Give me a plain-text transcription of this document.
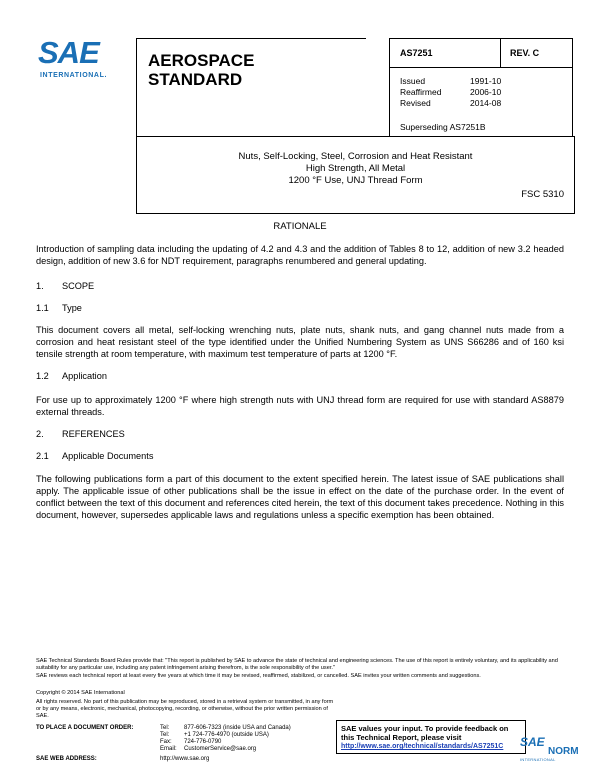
SAE
INTERNATIONAL.
AEROSPACE
STANDARD
AS7251	REV. C
Issued	1991-10
Reaffirmed	2006-10
Revised	2014-08
Superseding AS7251B
Nuts, Self-Locking, Steel, Corrosion and Heat Resistant
High Strength, All Metal
1200 °F Use, UNJ Thread Form
FSC 5310
RATIONALE
Introduction of sampling data including the updating of 4.2 and 4.3 and the addition of Tables 8 to 12, addition of new 3.2 headed design, addition of new 3.6 for NDT requirement, paragraphs renumbered and general updating.
1. SCOPE
1.1 Type
This document covers all metal, self-locking wrenching nuts, plate nuts, shank nuts, and gang channel nuts made from a corrosion and heat resistant steel of the type identified under the Unified Numbering System as UNS S66286 and of 160 ksi tensile strength at room temperature, with maximum test temperature of parts at 1200 °F.
1.2 Application
For use up to approximately 1200 °F where high strength nuts with UNJ thread form are required for use with standard AS8879 external threads.
2. REFERENCES
2.1 Applicable Documents
The following publications form a part of this document to the extent specified herein. The latest issue of SAE publications shall apply. The applicable issue of other publications shall be the issue in effect on the date of the purchase order. In the event of conflict between the text of this document and references cited herein, the text of this document takes precedence. Nothing in this document, however, supersedes applicable laws and regulations unless a specific exemption has been obtained.
SAE Technical Standards Board Rules provide that: "This report is published by SAE to advance the state of technical and engineering sciences. The use of this report is entirely voluntary, and its applicability and suitability for any particular use, including any patent infringement arising therefrom, is the sole responsibility of the user."
SAE reviews each technical report at least every five years at which time it may be revised, reaffirmed, stabilized, or cancelled. SAE invites your written comments and suggestions.
Copyright © 2014 SAE International
All rights reserved. No part of this publication may be reproduced, stored in a retrieval system or transmitted, in any form or by any means, electronic, mechanical, photocopying, recording, or otherwise, without the prior written permission of SAE.
TO PLACE A DOCUMENT ORDER:	Tel: 877-606-7323 (inside USA and Canada)
Tel: +1 724-776-4970 (outside USA)
Fax: 724-776-0790
Email: CustomerService@sae.org
SAE WEB ADDRESS:	http://www.sae.org
SAE values your input. To provide feedback on this Technical Report, please visit
http://www.sae.org/technical/standards/AS7251C SAE
NORM
INTERNATIONAL
